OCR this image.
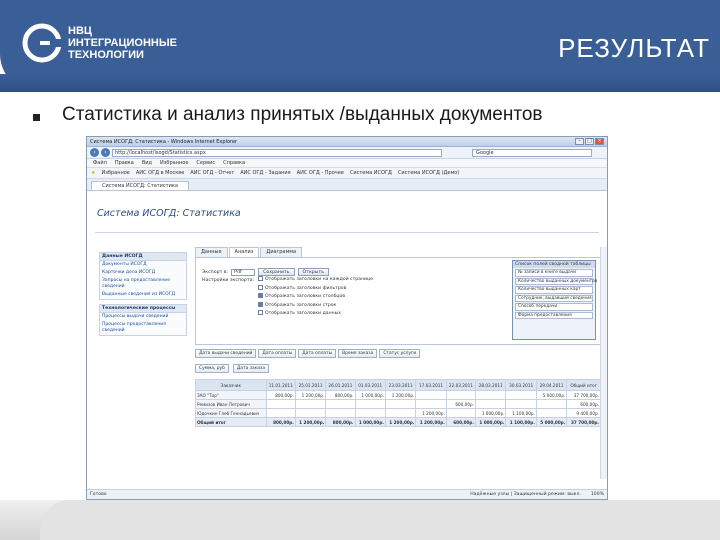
НВЦ
ИНТЕГРАЦИОННЫЕ
ТЕХНОЛОГИИ	РЕЗУЛЬТАТ
Статистика и анализ принятых /выданных документов
Система ИСОГД: Статистика - Windows Internet Explorer	–	□	×
‹	›	http://localhost/isogd/Statistics.aspx	Google
Файл Правка Вид Избранное Сервис Справка
★ Избранное АИС ОГД в Москве АИС ОГД - Отчет АИС ОГД - Задания АИС ОГД - Прочее Система ИСОГД Система ИСОГД (Демо)
Система ИСОГД: Статистика
Система ИСОГД: Статистика
Данные ИСОГД
Документы ИСОГД
Карточки дела ИСОГД
Запросы на предоставление сведений
Выданные сведения из ИСОГД
Технологические процессы
Процессы выдачи сведений
Процессы предоставления сведений
Данные	Анализ	Диаграмма
Экспорт в:	Pdf	Сохранить	Открыть
Настройки экспорта:	Отображать заголовки на каждой странице
Отображать заголовки фильтров
Отображать заголовки столбцов
Отображать заголовки строк
Отображать заголовки данных
Список полей сводной таблицы
№ записи в книге выдачи
Количество выданных документов
Количество выданных карт
Сотрудник, выдавший сведения
Способ передачи
Форма предоставления
Дата выдачи сведений	Дата оплаты	Дата оплаты	Время заказа	Статус услуги
Сумма, руб	Дата заказа
Заказчик	11.01.2011	25.01.2011	26.01.2011	01.03.2011	23.03.2011	17.03.2011	22.03.2011	28.03.2011	30.03.2011	29.04.2011	Общий итог
ЗАО "Тор"	800,00р.	1 200,00р.	800,00р.	1 000,00р.	1 200,00р.					5 000,00р.	37 700,00р.
Ремизов Иван Петрович							600,00р.				600,00р.
Юдочкин Глеб Геннадьевич						1 200,00р.		1 000,00р.	1 100,00р.		9 400,00р.
Общий итог	800,00р.	1 200,00р.	800,00р.	1 000,00р.	1 200,00р.	1 200,00р.	600,00р.	1 000,00р.	1 100,00р.	5 000,00р.	37 700,00р.
Готово	Надёжные узлы | Защищенный режим: выкл. 100%
